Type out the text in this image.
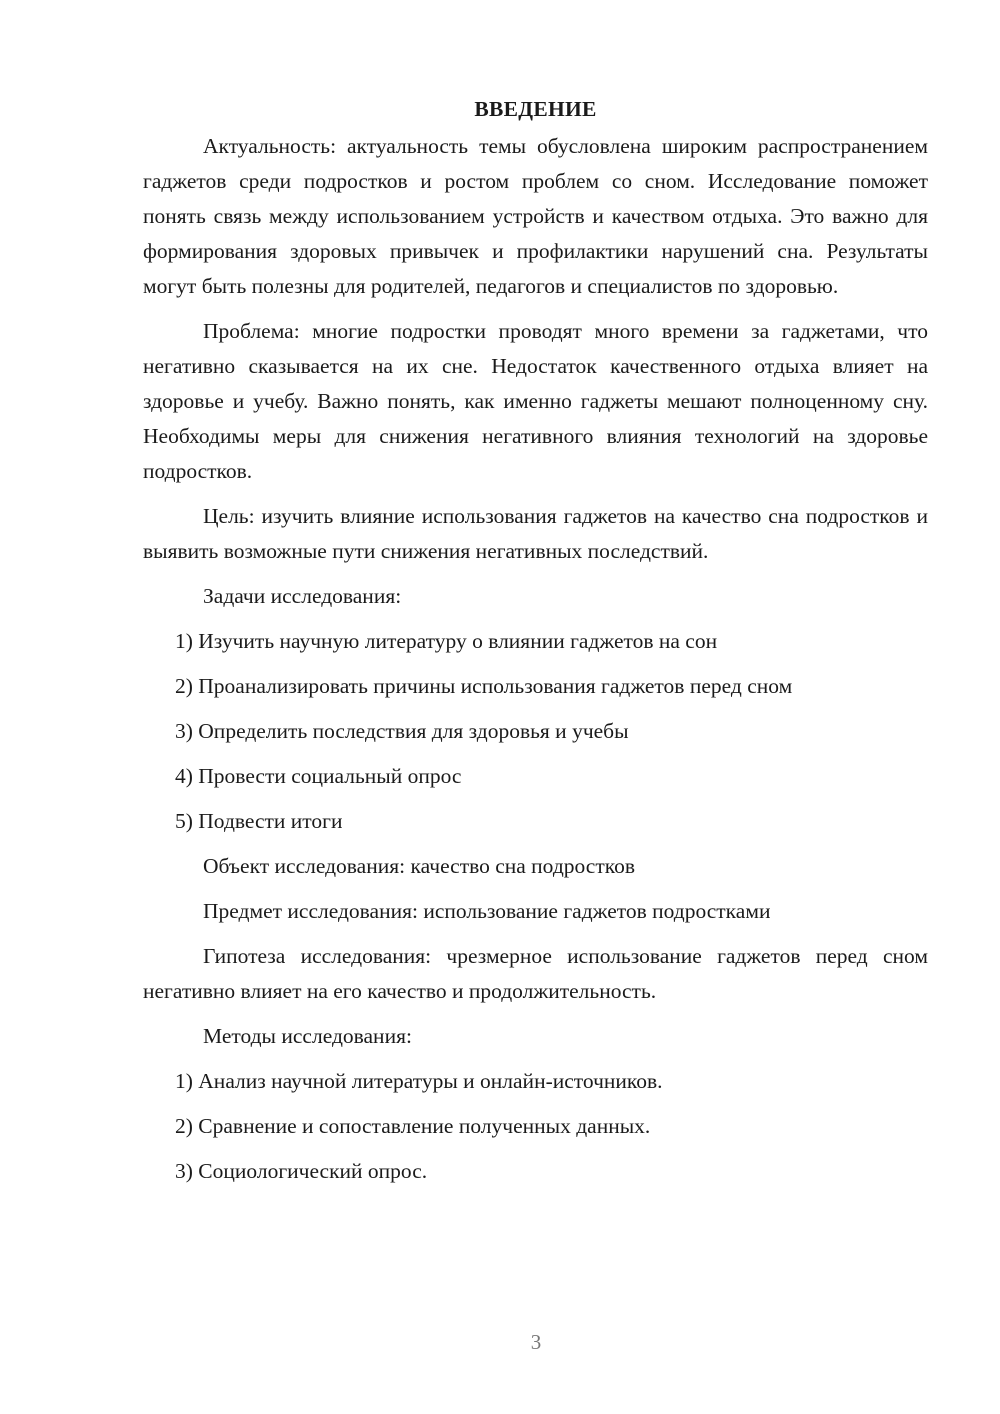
ВВЕДЕНИЕ

Актуальность: актуальность темы обусловлена широким распространением гаджетов среди подростков и ростом проблем со сном. Исследование поможет понять связь между использованием устройств и качеством отдыха. Это важно для формирования здоровых привычек и профилактики нарушений сна. Результаты могут быть полезны для родителей, педагогов и специалистов по здоровью.

Проблема: многие подростки проводят много времени за гаджетами, что негативно сказывается на их сне. Недостаток качественного отдыха влияет на здоровье и учебу. Важно понять, как именно гаджеты мешают полноценному сну. Необходимы меры для снижения негативного влияния технологий на здоровье подростков.

Цель: изучить влияние использования гаджетов на качество сна подростков и выявить возможные пути снижения негативных последствий.

Задачи исследования:

1) Изучить научную литературу о влиянии гаджетов на сон
2) Проанализировать причины использования гаджетов перед сном
3) Определить последствия для здоровья и учебы
4) Провести социальный опрос
5) Подвести итоги

Объект исследования: качество сна подростков

Предмет исследования: использование гаджетов подростками

Гипотеза исследования: чрезмерное использование гаджетов перед сном негативно влияет на его качество и продолжительность.

Методы исследования:

1) Анализ научной литературы и онлайн-источников.
2) Сравнение и сопоставление полученных данных.
3) Социологический опрос.
3
